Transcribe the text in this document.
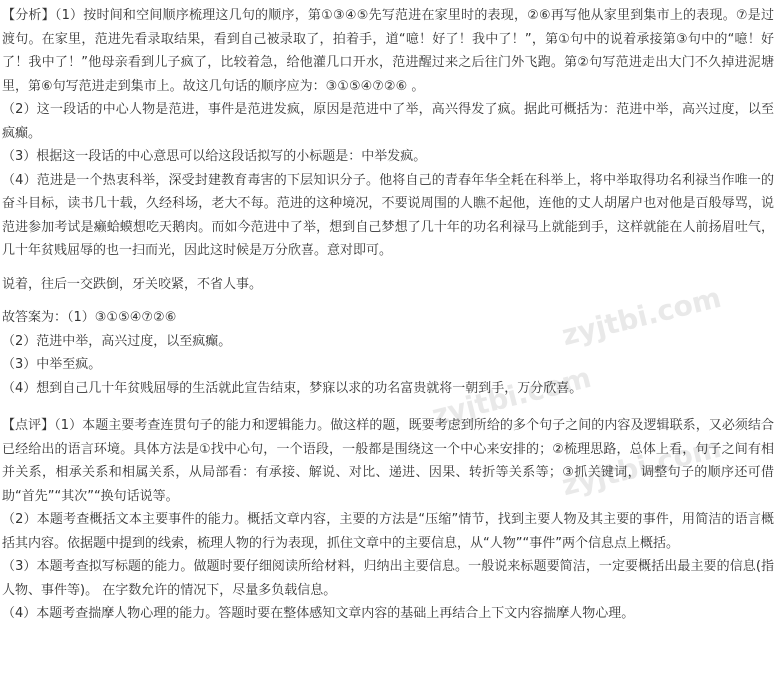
zyjtbi.com
zyjtbi.com
zyjtbi.com

【分析】（1）按时间和空间顺序梳理这几句的顺序，第①③④⑤先写范进在家里时的表现，②⑥再写他从家里到集市上的表现。⑦是过渡句。在家里，范进先看录取结果，看到自己被录取了，拍着手，道“噫！好了！我中了！”，第①句中的说着承接第③句中的“噫！好了！我中了！”他母亲看到儿子疯了，比较着急，给他灌几口开水，范进醒过来之后往门外飞跑。第②句写范进走出大门不久掉进泥塘里，第⑥句写范进走到集市上。故这几句话的顺序应为：③①⑤④⑦②⑥ 。

（2）这一段话的中心人物是范进，事件是范进发疯，原因是范进中了举，高兴得发了疯。据此可概括为：范进中举，高兴过度，以至疯癫。

（3）根据这一段话的中心意思可以给这段话拟写的小标题是：中举发疯。

（4）范进是一个热衷科举，深受封建教育毒害的下层知识分子。他将自己的青春年华全耗在科举上，将中举取得功名利禄当作唯一的奋斗目标，读书几十载，久经科场，老大不每。范进的这种境况，不要说周围的人瞧不起他，连他的丈人胡屠户也对他是百般辱骂，说范进参加考试是癞蛤蟆想吃天鹅肉。而如今范进中了举，想到自己梦想了几十年的功名利禄马上就能到手，这样就能在人前扬眉吐气，几十年贫贱屈辱的也一扫而光，因此这时候是万分欣喜。意对即可。

说着，往后一交跌倒，牙关咬紧，不省人事。

故答案为：（1）③①⑤④⑦②⑥

（2）范进中举，高兴过度，以至疯癫。

（3）中举至疯。

（4）想到自己几十年贫贱屈辱的生活就此宣告结束，梦寐以求的功名富贵就将一朝到手，万分欣喜。

【点评】（1）本题主要考查连贯句子的能力和逻辑能力。做这样的题，既要考虑到所给的多个句子之间的内容及逻辑联系，又必须结合已经给出的语言环境。具体方法是①找中心句，一个语段，一般都是围绕这一个中心来安排的；②梳理思路，总体上看，句子之间有相并关系，相承关系和相属关系，从局部看：有承接、解说、对比、递进、因果、转折等关系等；③抓关键词，调整句子的顺序还可借助“首先”“其次”“换句话说等。

（2）本题考查概括文本主要事件的能力。概括文章内容，主要的方法是“压缩”情节，找到主要人物及其主要的事件，用简洁的语言概括其内容。依据题中提到的线索，梳理人物的行为表现，抓住文章中的主要信息，从“人物”“事件”两个信息点上概括。

（3）本题考查拟写标题的能力。做题时要仔细阅读所给材料，归纳出主要信息。一般说来标题要简洁，一定要概括出最主要的信息(指人物、事件等)。 在字数允许的情况下，尽量多负载信息。

（4）本题考查揣摩人物心理的能力。答题时要在整体感知文章内容的基础上再结合上下文内容揣摩人物心理。
